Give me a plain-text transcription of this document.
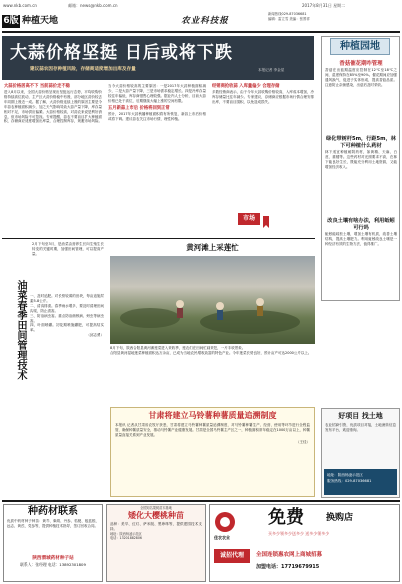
www.nkb.com.cn	邮箱：news@nkb.com.cn	2017年8月31日 星期二
6版 种植天地	农业科技报
新闻热线029-87036681
编辑：雷立雪 美编：张景祥
大蒜价格坚挺 日后或将下跌
建议蒜农因存种植风险，存储商适度增加出库及存量	本报记者 李金星
大蒜价格居高不下 当前蒜价走不稳
进入8月以来，全国大蒜价格呈现出坚挺运行态势，平均收购价格持续高位波动，主产区大蒜价格稳中有涨，部分地区蒜价较去年同期上涨近一成。据了解，大蒜价格连续上涨的原因主要是今年蒜农种植面积减少，加之天气影响导致大蒜产量下降，库存量相对不足，市场供应偏紧。大蒜价格较高，对蒜农来说是利好消息，但市场风险不可忽视。专家提醒，蒜农不要盲目扩大种植面积，存储商应适度增加出库量，合理控制库存，规避市场风险。
当今大蒜价格较高的主要原因：一是2017年大蒜种植面积减少，二是大蒜产量下降，三是市场需求稳定增长。四是冷库存量较往年偏低，库存商惜售心理较强。据业内人士分析，目前大蒜价格已处于高位，后期继续大幅上涨的空间有限。
五月新蒜上市后 价格将回到正常
预计，2017年大蒜秋播种植面积将有所恢复，新蒜上市后价格或将下调。建议蒜农关注市场行情，理性种植。
经销商抢收蒜 入库量偏少 合理存储
多数经销商表示，由于今年大蒜收购价格较高，入库成本增加，冷库存储量比往年减少。专家建议，存储商应根据市场行情合理安排出库，不要盲目囤积，以免造成损失。
市场
种植园地
香菇催花期咋管理
香菇在出菇期温度应控制在12℃至18℃之间，湿度保持在85%至90%。催花期间应加强通风换气，促进子实体形成，提高香菇品质。注意防止杂菌感染，出菇后及时采收。
绿化带树杆5m，行距5m，林下可种植什么药材
林下适宜种植耐阴药材，如黄精、天麻、白芨、重楼等。这些药材对光照要求不高，在林下能良好生长，既能充分利用土地资源，又能增加经济收入。
改良土壤有啥办法，利用蚯蚓可行吗
蚯蚓能疏松土壤，增加土壤有机质，改善土壤结构，提高土壤肥力。利用蚯蚓改良土壤是一种经济有效的生物方法，值得推广。
2月下旬至3月，是油菜由营养生长向生殖生长转变的关键时期，加强田间管理，可以提高产量。
油菜春季田间管理技术 一、及时追肥。对长势较弱的田块，每亩追施尿素5-8公斤。
二、清沟排渍。春季雨水增多，要及时清理田间沟渠，防止渍害。
三、防治病虫害。重点防治菌核病、蚜虫等病虫害。
四、叶面喷硼。初花期喷施硼肥，可提高结实率。
（邱志勇）
黄河滩上采莲忙
8月下旬，陕西合阳县黄河滩莲菜进入采收季，莲农们在田间忙碌采挖，一片丰收景象。
合阳县黄河湿地莲菜种植面积达万余亩，已成为当地农民增收致富的特色产业。今年莲菜长势良好，预计亩产可达2000公斤以上。
甘肃将建立马铃薯种薯质量追溯制度
本报讯 记者从甘肃省农牧厅获悉，甘肃将建立马铃薯种薯质量追溯制度，对马铃薯种薯生产、经营、使用等环节进行全程监管，确保种薯质量安全，推动马铃薯产业健康发展。甘肃是全国马铃薯主产区之一，种植面积常年稳定在1000万亩以上，种薯质量直接关系到产业发展。
（王佳）
好项目 找土地
农业招商引资，优质项目对接，土地流转信息发布平台，欢迎垂询。
地址：陕西杨凌示范区
服务热线：029-87036681
种药材联系
优质中药材种子种苗：黄芩、柴胡、丹参、桔梗、板蓝根、远志、黄芪、党参等，提供种植技术指导，签订回收合同。
陕西渭城药材种子站
联系人：张经理 电话：13892301809
全国知名果树苗木基地
矮化大樱桃种苗
品种：美早、红灯、萨米脱、黑珍珠等，提供建园技术支持。
地址：陕西杨凌示范区
电话：13201882806	佳农农业
诚招代理
免费 换购店
买多少领多少送多少 送多少领多少
全国连锁惠农网上商城招募
加盟电话：17719679915
